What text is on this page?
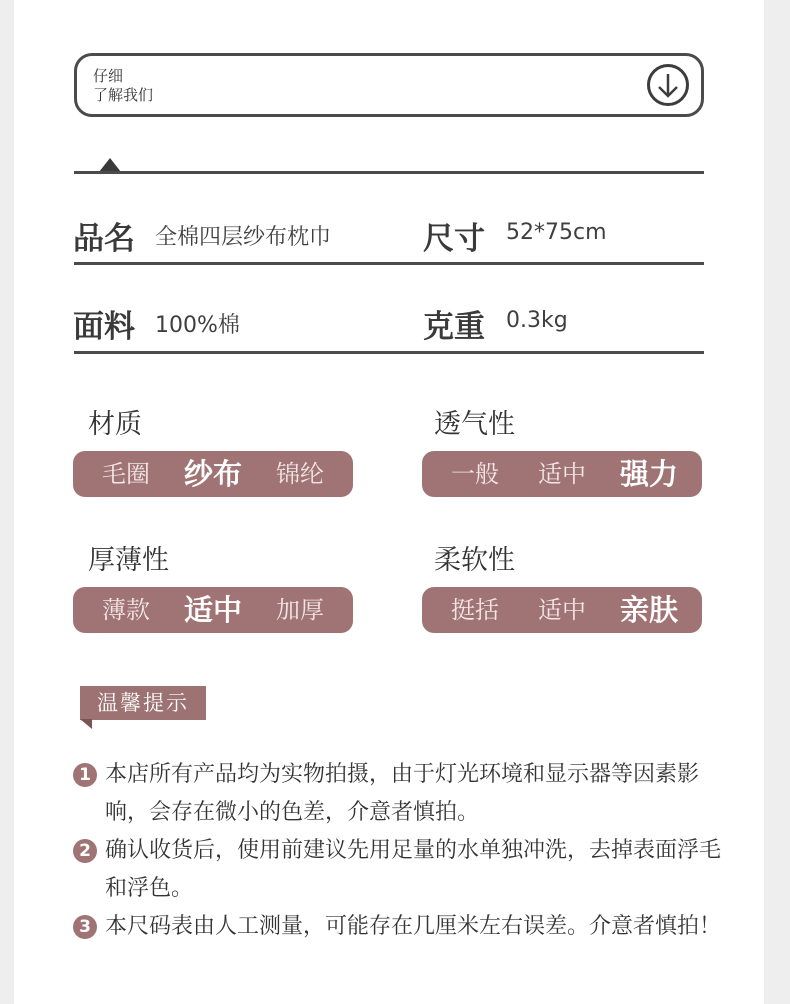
仔细
了解我们
品名 全棉四层纱布枕巾	尺寸 52*75cm
面料 100%棉	克重 0.3kg
材质
毛圈	纱布	锦纶
透气性
一般	适中	强力
厚薄性
薄款	适中	加厚
柔软性
挺括	适中	亲肤
温馨提示
1 本店所有产品均为实物拍摄，由于灯光环境和显示器等因素影响，会存在微小的色差，介意者慎拍。
2 确认收货后，使用前建议先用足量的水单独冲洗，去掉表面浮毛和浮色。
3 本尺码表由人工测量，可能存在几厘米左右误差。介意者慎拍！
